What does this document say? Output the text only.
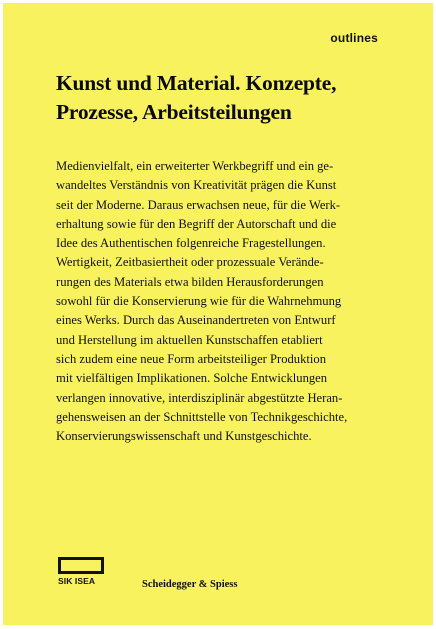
outlines
Kunst und Material. Konzepte,
Prozesse, Arbeitsteilungen

Medienvielfalt, ein erweiterter Werkbegriff und ein ge-
wandeltes Verständnis von Kreativität prägen die Kunst
seit der Moderne. Daraus erwachsen neue, für die Werk-
erhaltung sowie für den Begriff der Autorschaft und die
Idee des Authentischen folgenreiche Fragestellungen.
Wertigkeit, Zeitbasiertheit oder prozessuale Verände-
rungen des Materials etwa bilden Herausforderungen
sowohl für die Konservierung wie für die Wahrnehmung
eines Werks. Durch das Auseinandertreten von Entwurf
und Herstellung im aktuellen Kunstschaffen etabliert
sich zudem eine neue Form arbeitsteiliger Produktion
mit vielfältigen Implikationen. Solche Entwicklungen
verlangen innovative, interdisziplinär abgestützte Heran-
gehensweisen an der Schnittstelle von Technikgeschichte,
Konservierungswissenschaft und Kunstgeschichte.

SIK ISEA	Scheidegger & Spiess
